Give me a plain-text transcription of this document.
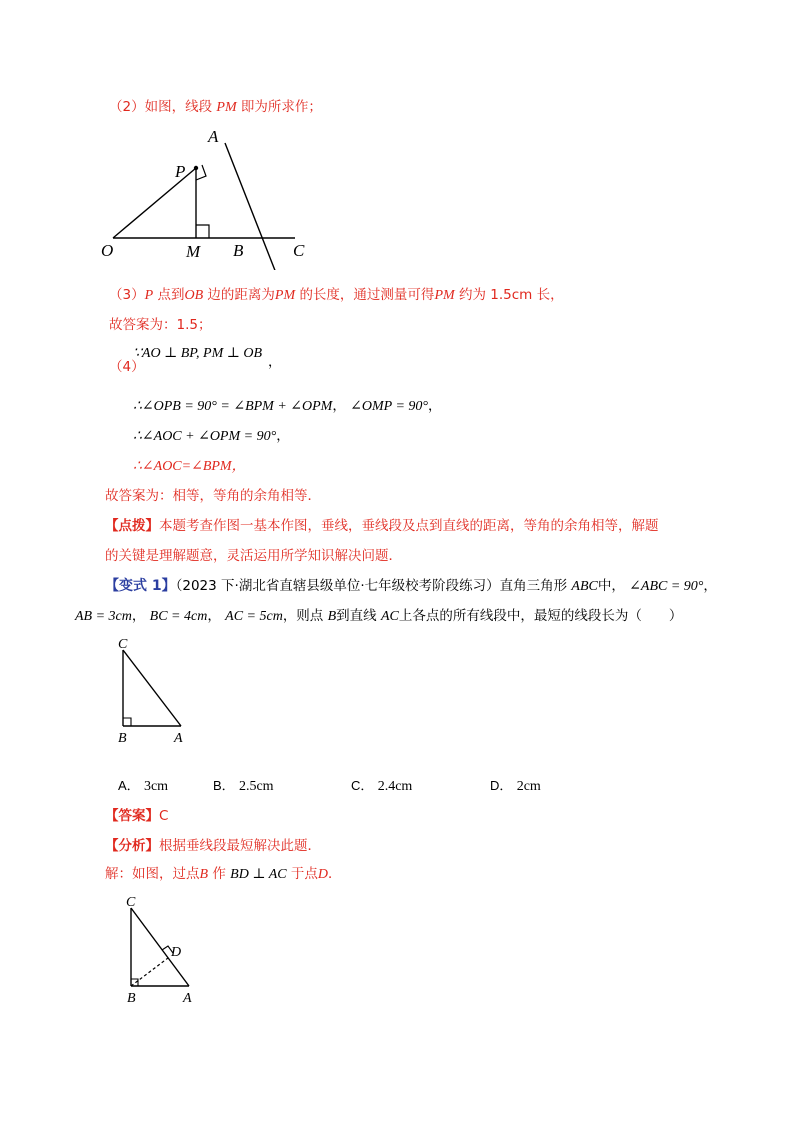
（2）如图，线段 PM 即为所求作；
A
P
O	M B	C
（3）P 点到OB 边的距离为PM 的长度，通过测量可得PM 约为 1.5cm 长，
故答案为：1.5；
∵AO ⊥ BP, PM ⊥ OB
（4）	，
∴∠OPB = 90° = ∠BPM + ∠OPM， ∠OMP = 90°，
∴∠AOC + ∠OPM = 90°，
∴∠AOC=∠BPM，
故答案为：相等，等角的余角相等．
【点拨】本题考查作图一基本作图，垂线，垂线段及点到直线的距离，等角的余角相等，解题
的关键是理解题意，灵活运用所学知识解决问题．
【变式 1】（2023 下·湖北省直辖县级单位·七年级校考阶段练习）直角三角形 ABC中， ∠ABC = 90°，
AB = 3cm， BC = 4cm， AC = 5cm，则点 B到直线 AC上各点的所有线段中，最短的线段长为（　　）
C
B	A
A． 3cm	B． 2.5cm	C． 2.4cm	D． 2cm
【答案】C
【分析】根据垂线段最短解决此题．
解：如图，过点B 作 BD ⊥ AC 于点D．
C
D
B	A
